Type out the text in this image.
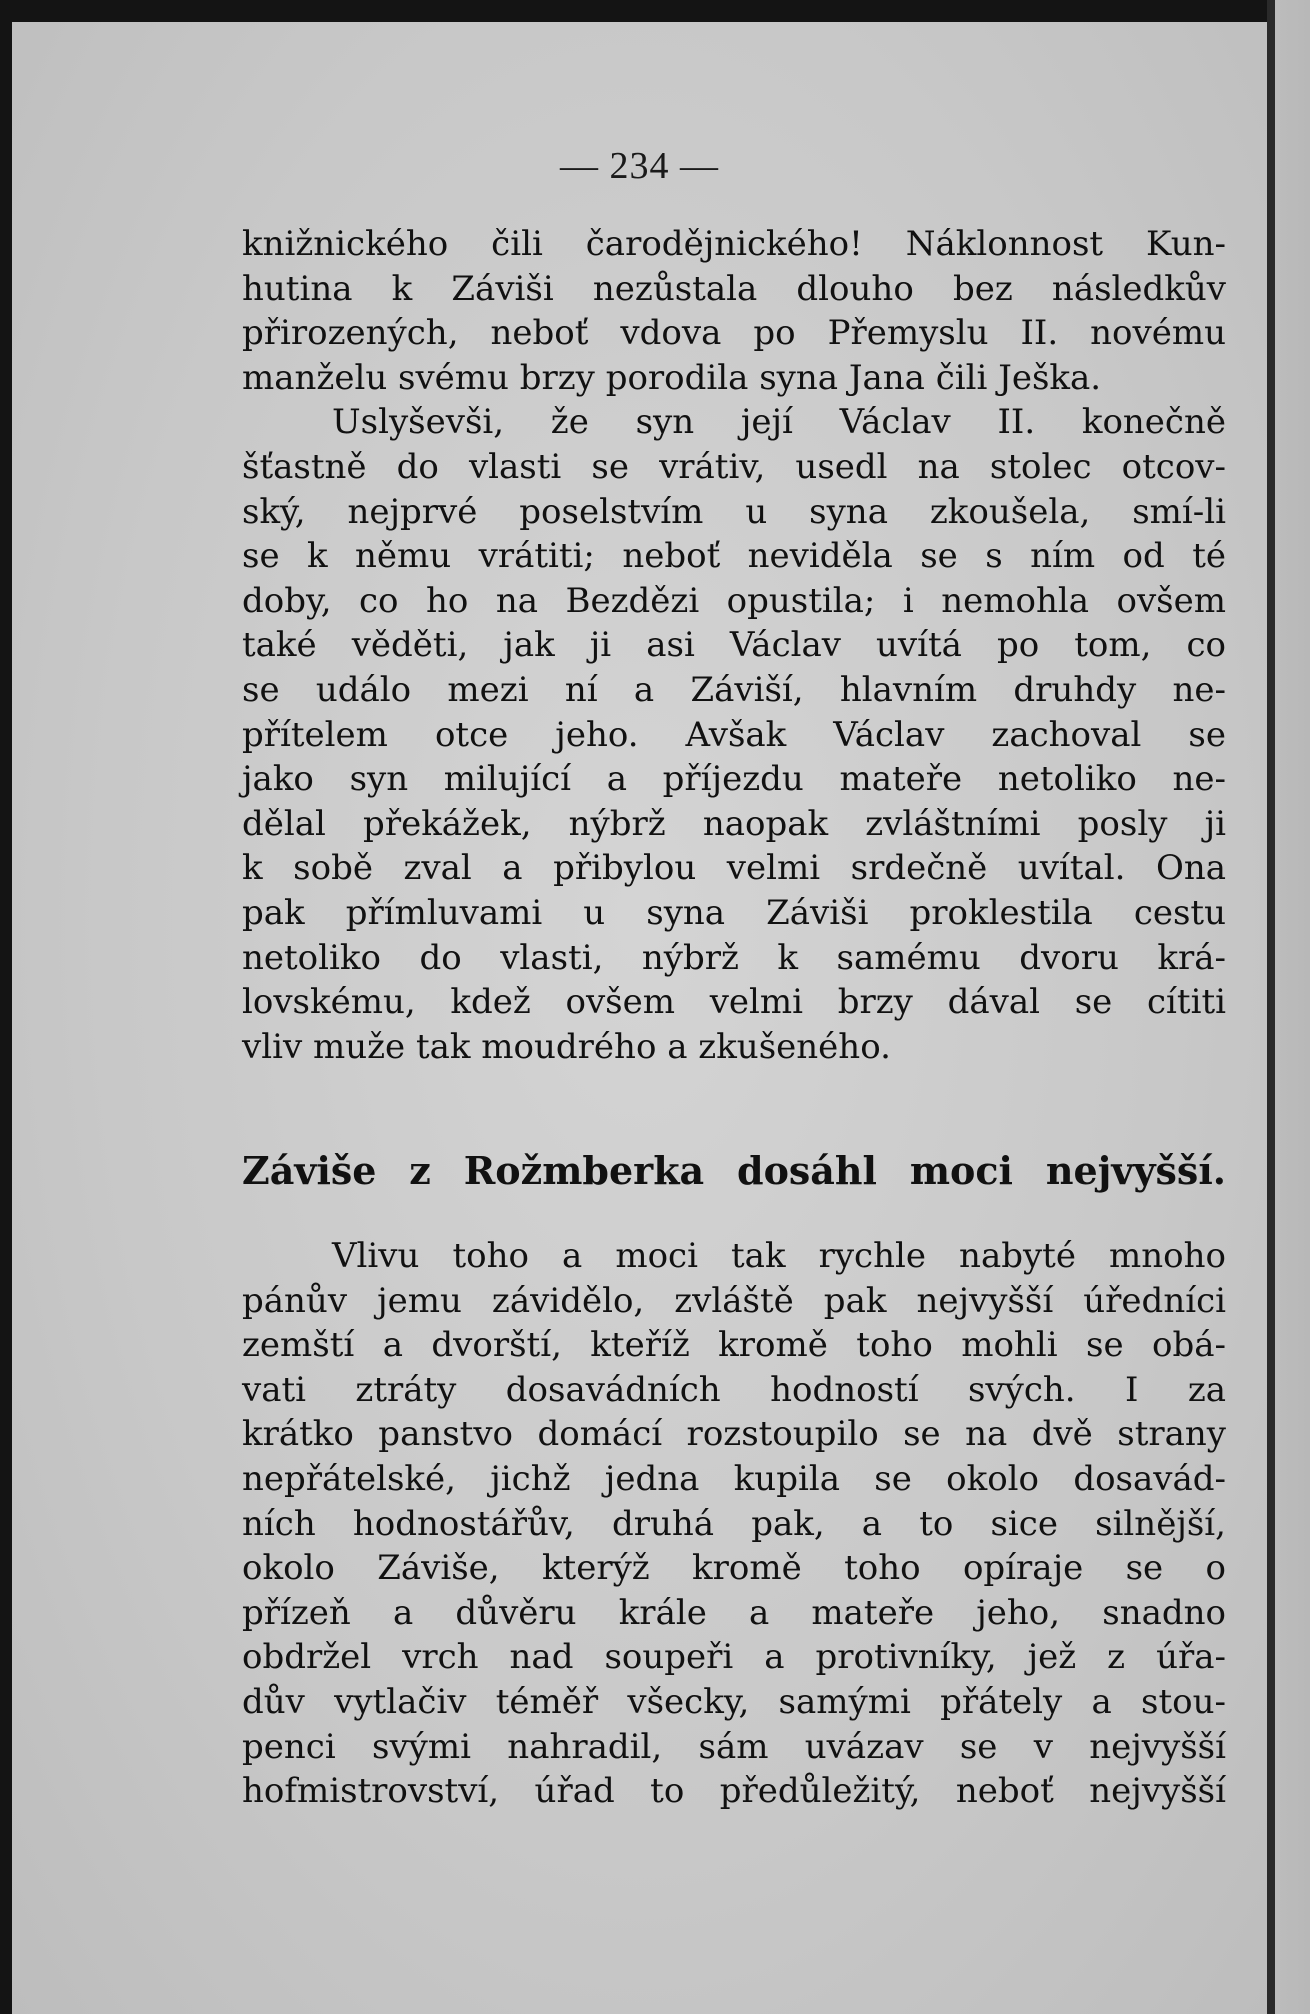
— 234 —
knižnického čili čarodějnického! Náklonnost Kun-
hutina k Záviši nezůstala dlouho bez následkův
přirozených, neboť vdova po Přemyslu II. novému
manželu svému brzy porodila syna Jana čili Ješka.
Uslyševši, že syn její Václav II. konečně
šťastně do vlasti se vrátiv, usedl na stolec otcov-
ský, nejprvé poselstvím u syna zkoušela, smí-li
se k němu vrátiti; neboť neviděla se s ním od té
doby, co ho na Bezdězi opustila; i nemohla ovšem
také věděti, jak ji asi Václav uvítá po tom, co
se událo mezi ní a Záviší, hlavním druhdy ne-
přítelem otce jeho. Avšak Václav zachoval se
jako syn milující a příjezdu mateře netoliko ne-
dělal překážek, nýbrž naopak zvláštními posly ji
k sobě zval a přibylou velmi srdečně uvítal. Ona
pak přímluvami u syna Záviši proklestila cestu
netoliko do vlasti, nýbrž k samému dvoru krá-
lovskému, kdež ovšem velmi brzy dával se cítiti
vliv muže tak moudrého a zkušeného.
Záviše z Rožmberka dosáhl moci nejvyšší.
Vlivu toho a moci tak rychle nabyté mnoho
pánův jemu závidělo, zvláště pak nejvyšší úředníci
zemští a dvorští, kteříž kromě toho mohli se obá-
vati ztráty dosavádních hodností svých. I za
krátko panstvo domácí rozstoupilo se na dvě strany
nepřátelské, jichž jedna kupila se okolo dosavád-
ních hodnostářův, druhá pak, a to sice silnější,
okolo Záviše, kterýž kromě toho opíraje se o
přízeň a důvěru krále a mateře jeho, snadno
obdržel vrch nad soupeři a protivníky, jež z úřa-
dův vytlačiv téměř všecky, samými přátely a stou-
penci svými nahradil, sám uvázav se v nejvyšší
hofmistrovství, úřad to předůležitý, neboť nejvyšší
